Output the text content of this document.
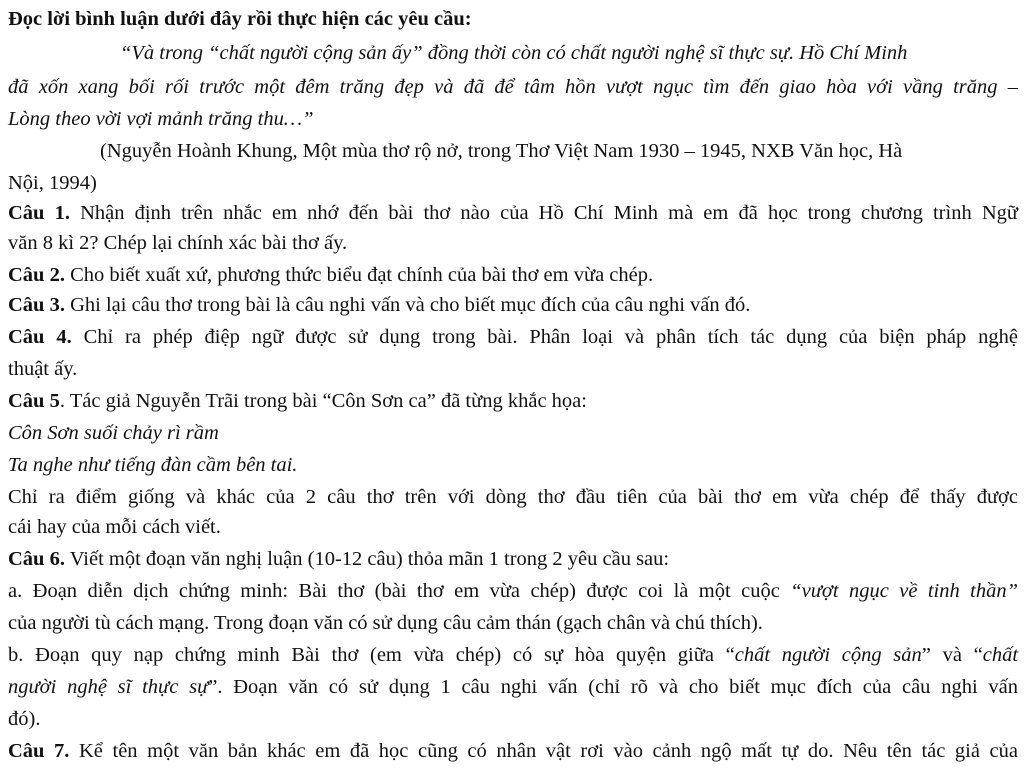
Đọc lời bình luận dưới đây rồi thực hiện các yêu cầu:
“Và trong “chất người cộng sản ấy” đồng thời còn có chất người nghệ sĩ thực sự. Hồ Chí Minh
đã xốn xang bối rối trước một đêm trăng đẹp và đã để tâm hồn vượt ngục tìm đến giao hòa với vầng trăng –
Lòng theo vời vợi mảnh trăng thu…”
(Nguyễn Hoành Khung, Một mùa thơ rộ nở, trong Thơ Việt Nam 1930 – 1945, NXB Văn học, Hà
Nội, 1994)
Câu 1. Nhận định trên nhắc em nhớ đến bài thơ nào của Hồ Chí Minh mà em đã học trong chương trình Ngữ
văn 8 kì 2? Chép lại chính xác bài thơ ấy.
Câu 2. Cho biết xuất xứ, phương thức biểu đạt chính của bài thơ em vừa chép.
Câu 3. Ghi lại câu thơ trong bài là câu nghi vấn và cho biết mục đích của câu nghi vấn đó.
Câu 4. Chỉ ra phép điệp ngữ được sử dụng trong bài. Phân loại và phân tích tác dụng của biện pháp nghệ
thuật ấy.
Câu 5. Tác giả Nguyễn Trãi trong bài “Côn Sơn ca” đã từng khắc họa:
Côn Sơn suối chảy rì rầm
Ta nghe như tiếng đàn cầm bên tai.
Chỉ ra điểm giống và khác của 2 câu thơ trên với dòng thơ đầu tiên của bài thơ em vừa chép để thấy được
cái hay của mỗi cách viết.
Câu 6. Viết một đoạn văn nghị luận (10-12 câu) thỏa mãn 1 trong 2 yêu cầu sau:
a. Đoạn diễn dịch chứng minh: Bài thơ (bài thơ em vừa chép) được coi là một cuộc “vượt ngục về tinh thần”
của người tù cách mạng. Trong đoạn văn có sử dụng câu cảm thán (gạch chân và chú thích).
b. Đoạn quy nạp chứng minh Bài thơ (em vừa chép) có sự hòa quyện giữa “chất người cộng sản” và “chất
người nghệ sĩ thực sự”. Đoạn văn có sử dụng 1 câu nghi vấn (chỉ rõ và cho biết mục đích của câu nghi vấn
đó).
Câu 7. Kể tên một văn bản khác em đã học cũng có nhân vật rơi vào cảnh ngộ mất tự do. Nêu tên tác giả của
